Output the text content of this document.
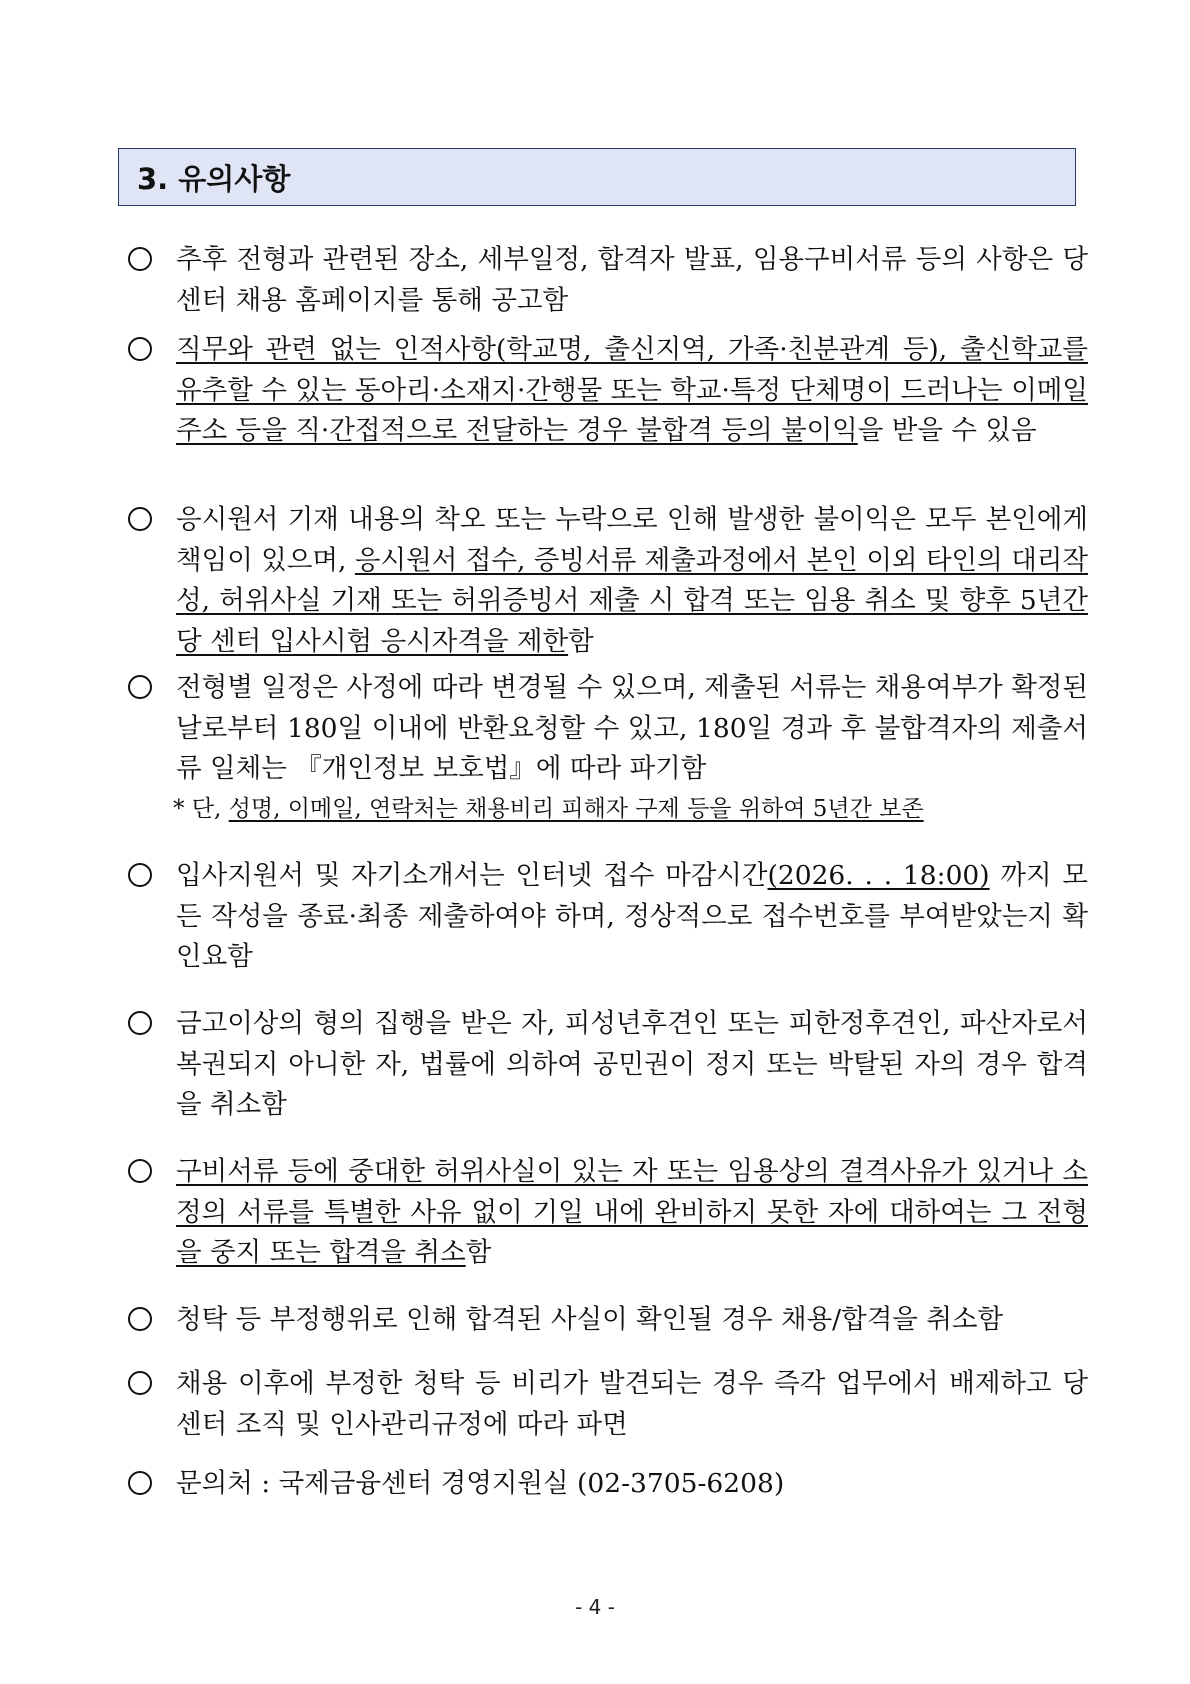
3. 유의사항
추후 전형과 관련된 장소, 세부일정, 합격자 발표, 임용구비서류 등의 사항은 당 센터 채용 홈페이지를 통해 공고함
직무와 관련 없는 인적사항(학교명, 출신지역, 가족·친분관계 등), 출신학교를 유추할 수 있는 동아리·소재지·간행물 또는 학교·특정 단체명이 드러나는 이메일 주소 등을 직·간접적으로 전달하는 경우 불합격 등의 불이익을 받을 수 있음
응시원서 기재 내용의 착오 또는 누락으로 인해 발생한 불이익은 모두 본인에게 책임이 있으며, 응시원서 접수, 증빙서류 제출과정에서 본인 이외 타인의 대리작성, 허위사실 기재 또는 허위증빙서 제출 시 합격 또는 임용 취소 및 향후 5년간 당 센터 입사시험 응시자격을 제한함
전형별 일정은 사정에 따라 변경될 수 있으며, 제출된 서류는 채용여부가 확정된 날로부터 180일 이내에 반환요청할 수 있고, 180일 경과 후 불합격자의 제출서류 일체는 『개인정보 보호법』에 따라 파기함
* 단, 성명, 이메일, 연락처는 채용비리 피해자 구제 등을 위하여 5년간 보존
입사지원서 및 자기소개서는 인터넷 접수 마감시간(2026. . . 18:00) 까지 모든 작성을 종료·최종 제출하여야 하며, 정상적으로 접수번호를 부여받았는지 확인요함
금고이상의 형의 집행을 받은 자, 피성년후견인 또는 피한정후견인, 파산자로서 복권되지 아니한 자, 법률에 의하여 공민권이 정지 또는 박탈된 자의 경우 합격을 취소함
구비서류 등에 중대한 허위사실이 있는 자 또는 임용상의 결격사유가 있거나 소정의 서류를 특별한 사유 없이 기일 내에 완비하지 못한 자에 대하여는 그 전형을 중지 또는 합격을 취소함
청탁 등 부정행위로 인해 합격된 사실이 확인될 경우 채용/합격을 취소함
채용 이후에 부정한 청탁 등 비리가 발견되는 경우 즉각 업무에서 배제하고 당 센터 조직 및 인사관리규정에 따라 파면
문의처 : 국제금융센터 경영지원실 (02-3705-6208)
- 4 -
